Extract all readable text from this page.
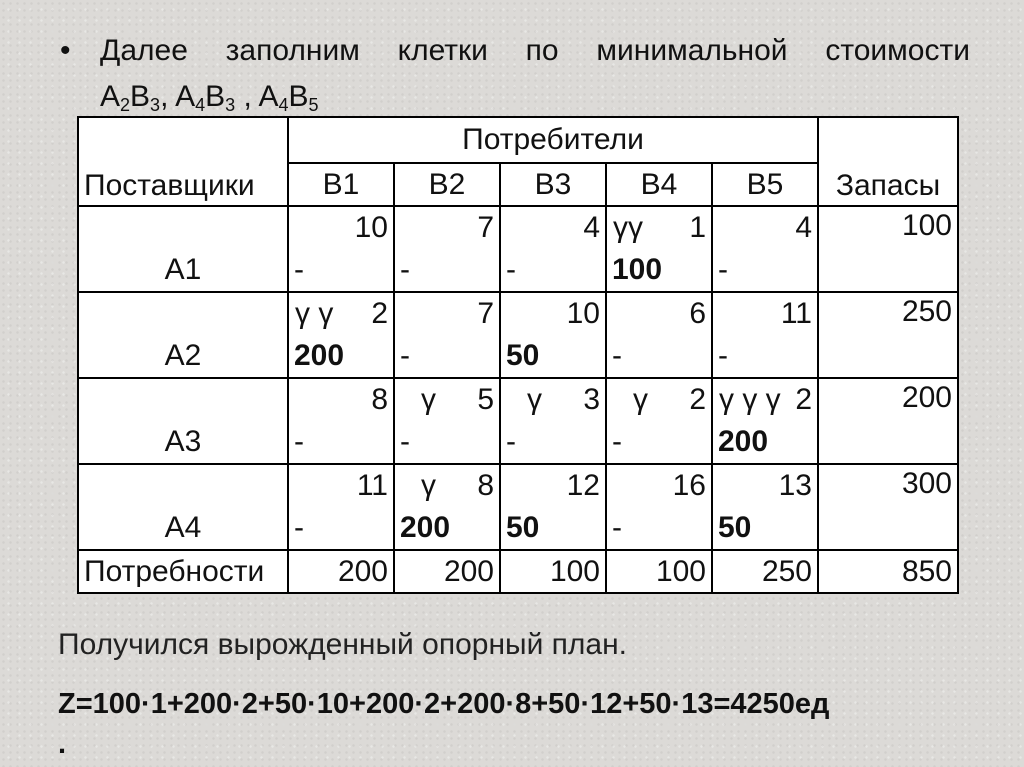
• Далее заполним клетки по минимальной стоимости
$A_2B_3$, $A_4B_3$ , $A_4B_5$
Поставщики	Потребители					Запасы
	B1	B2	B3	B4	B5	
A1	10	7	4	γγ 1	4	100
	-	-	-	100	-	
A2	γ γ 2	7	10	6	11	250
	200	-	50	-	-	
A3	8	γ 5	γ 3	γ 2	γ γ γ 2	200
	-	-	-	-	200	
A4	11	γ 8	12	16	13	300
	-	200	50	-	50	
Потребности	200	200	100	100	250	850
Получился вырожденный опорный план.
Z=100·1+200·2+50·10+200·2+200·8+50·12+50·13=4250ед
.
